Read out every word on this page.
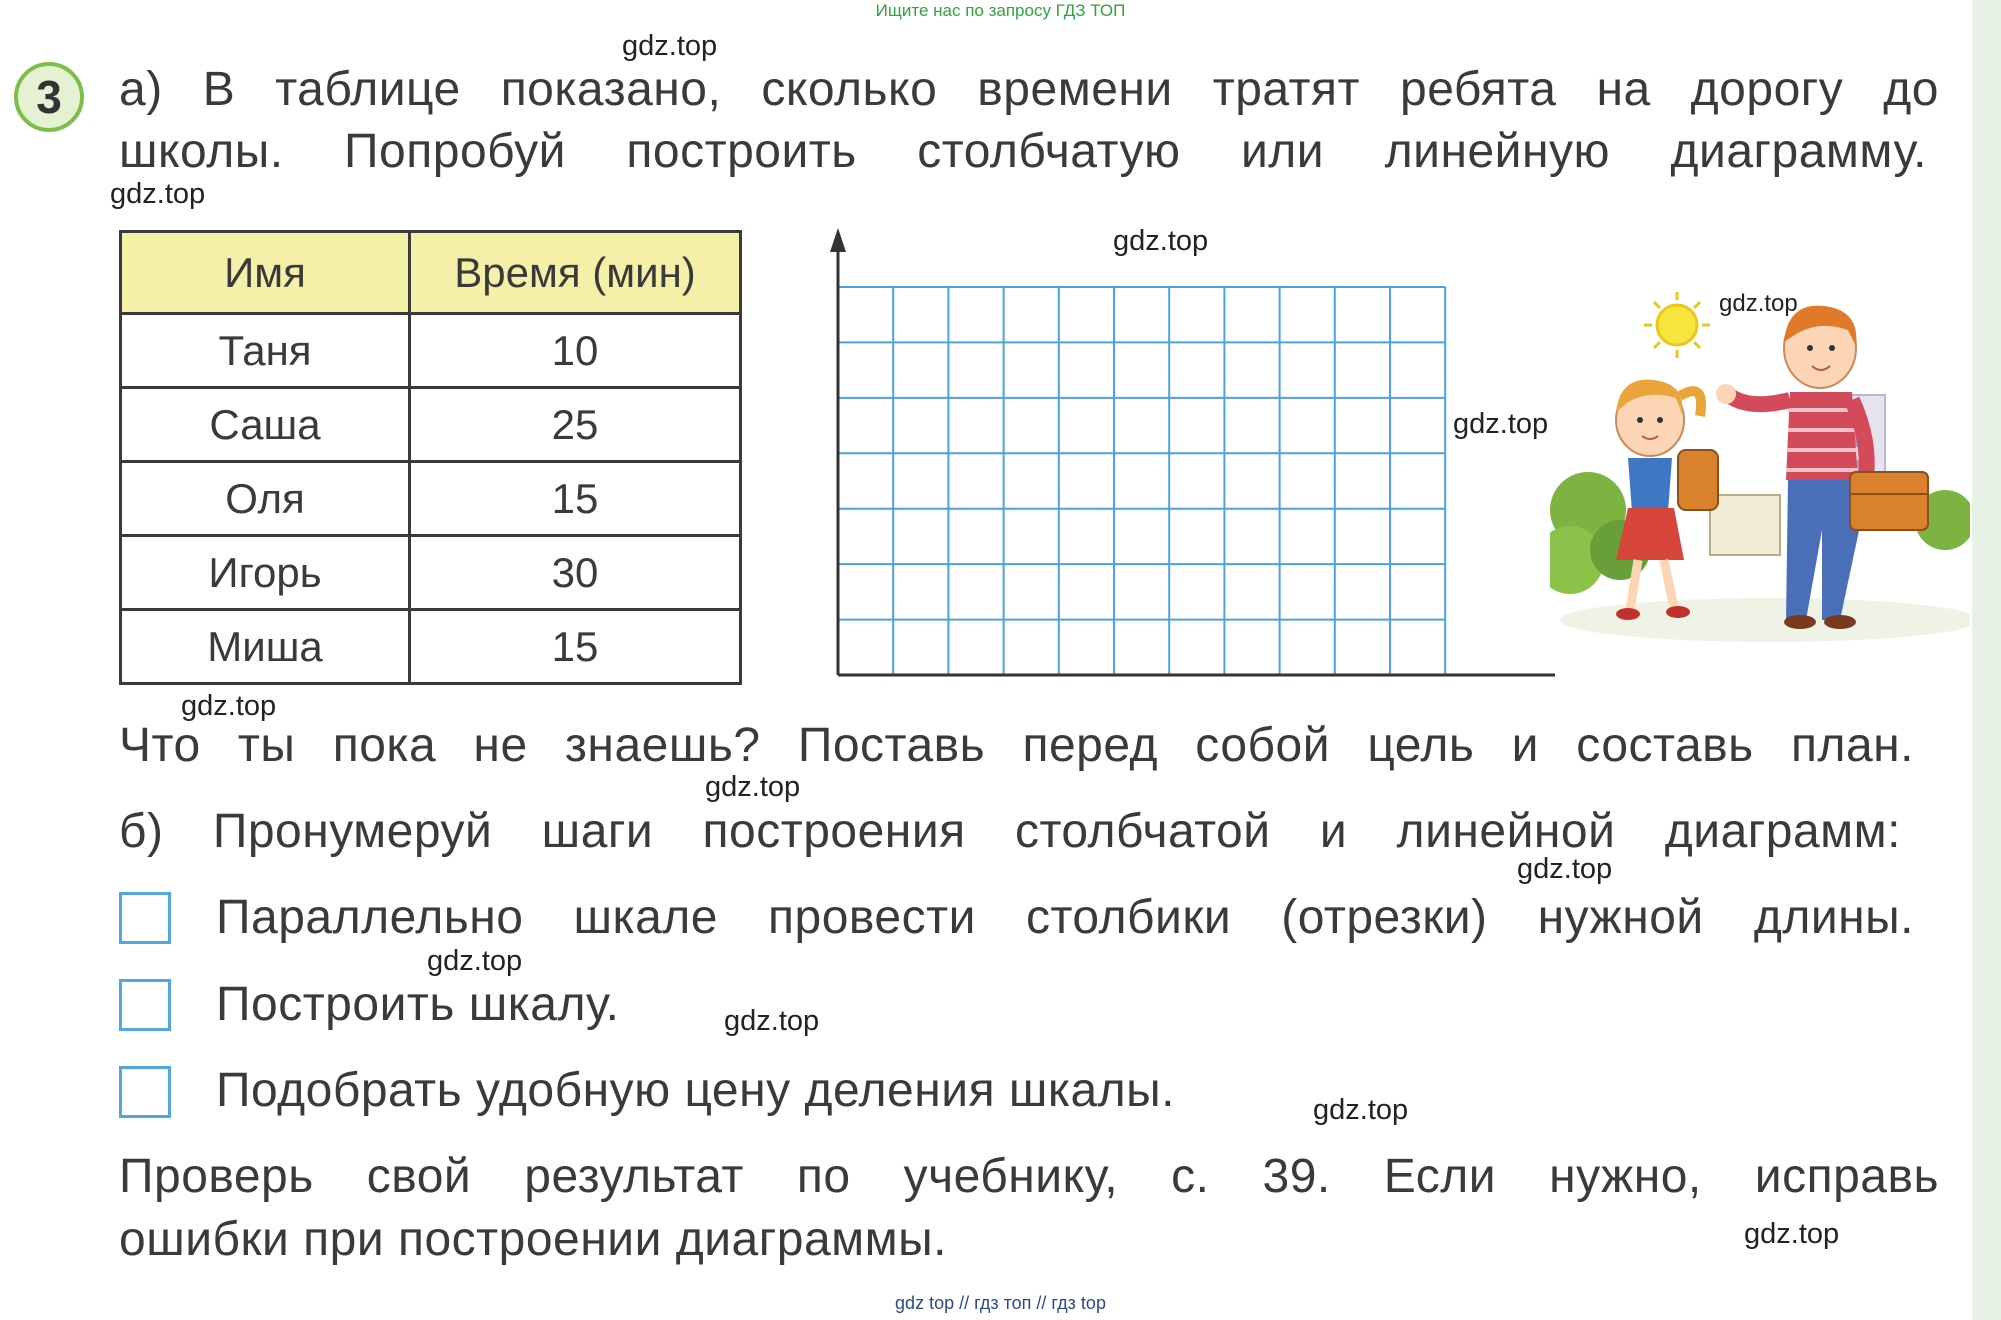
Ищите нас по запросу ГДЗ ТОП
3	а) В таблице показано, сколько времени тратят ребята на дорогу до
школы. Попробуй построить столбчатую или линейную диаграмму.
Имя	Время (мин)
Таня	10
Саша	25
Оля	15
Игорь	30
Миша	15
Что ты пока не знаешь? Поставь перед собой цель и составь план.
б) Пронумеруй шаги построения столбчатой и линейной диаграмм:
Параллельно шкале провести столбики (отрезки) нужной длины.
Построить шкалу.
Подобрать удобную цену деления шкалы.
Проверь свой результат по учебнику, с. 39. Если нужно, исправь
ошибки при построении диаграммы.
gdz.top
gdz.top
gdz.top
gdz.top
gdz.top
gdz.top
gdz.top
gdz.top
gdz.top
gdz.top
gdz.top
gdz.top
gdz top // гдз топ // гдз top
